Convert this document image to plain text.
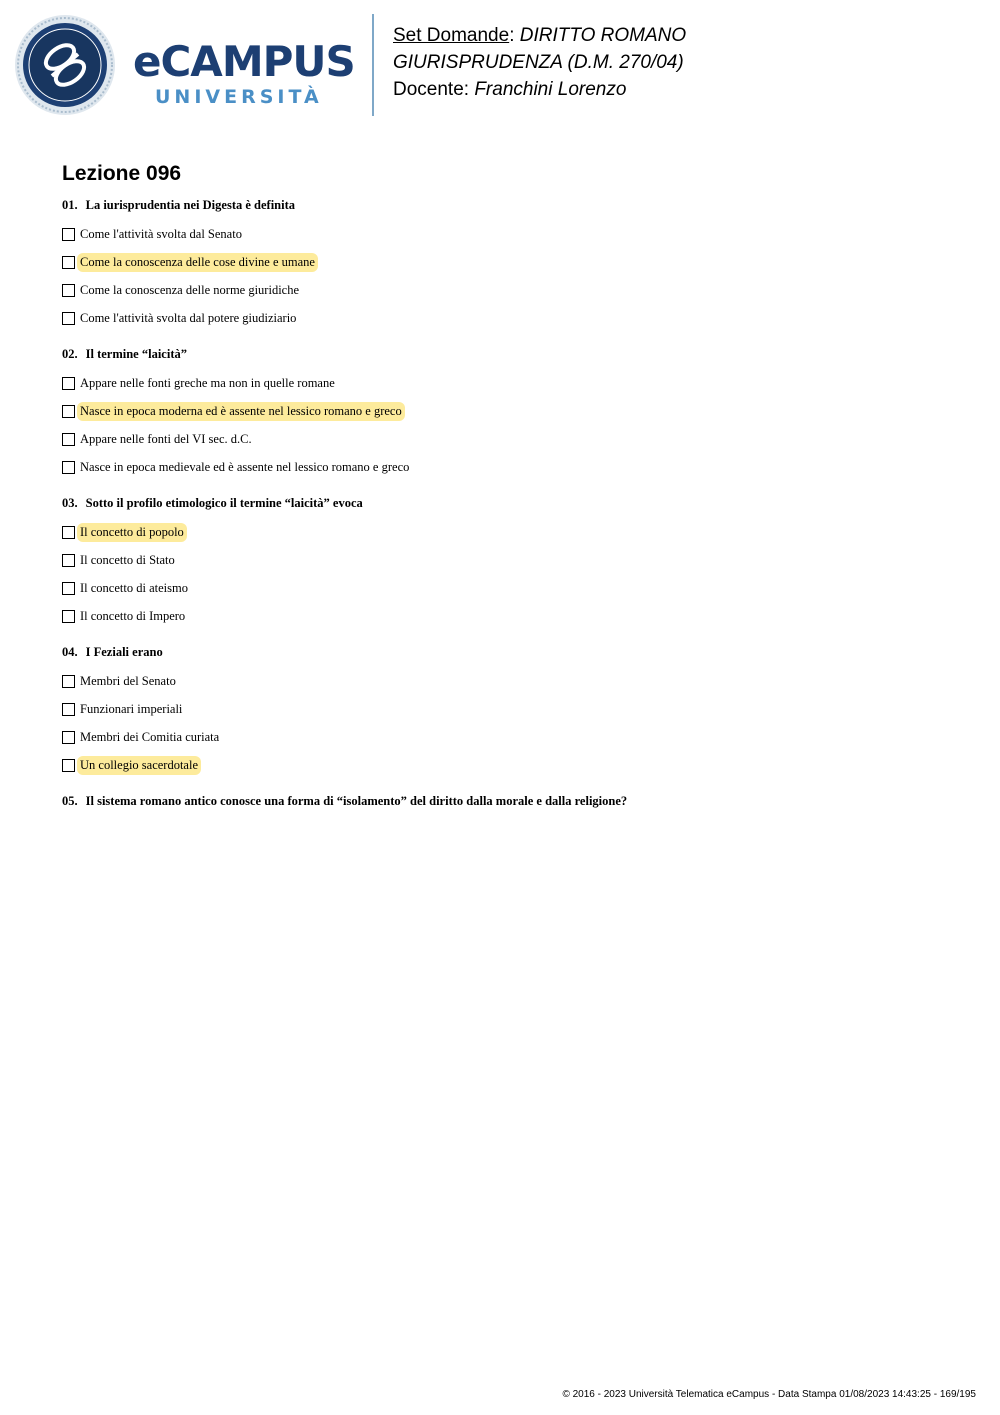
eCAMPUS
UNIVERSITÀ
Set Domande: DIRITTO ROMANO
GIURISPRUDENZA (D.M. 270/04)
Docente: Franchini Lorenzo
Lezione 096

01. La iurisprudentia nei Digesta è definita

Come l'attività svolta dal Senato
Come la conoscenza delle cose divine e umane
Come la conoscenza delle norme giuridiche
Come l'attività svolta dal potere giudiziario

02. Il termine “laicità”

Appare nelle fonti greche ma non in quelle romane
Nasce in epoca moderna ed è assente nel lessico romano e greco
Appare nelle fonti del VI sec. d.C.
Nasce in epoca medievale ed è assente nel lessico romano e greco

03. Sotto il profilo etimologico il termine “laicità” evoca

Il concetto di popolo
Il concetto di Stato
Il concetto di ateismo
Il concetto di Impero

04. I Feziali erano

Membri del Senato
Funzionari imperiali
Membri dei Comitia curiata
Un collegio sacerdotale

05. Il sistema romano antico conosce una forma di “isolamento” del diritto dalla morale e dalla religione?

© 2016 - 2023 Università Telematica eCampus - Data Stampa 01/08/2023 14:43:25 - 169/195
